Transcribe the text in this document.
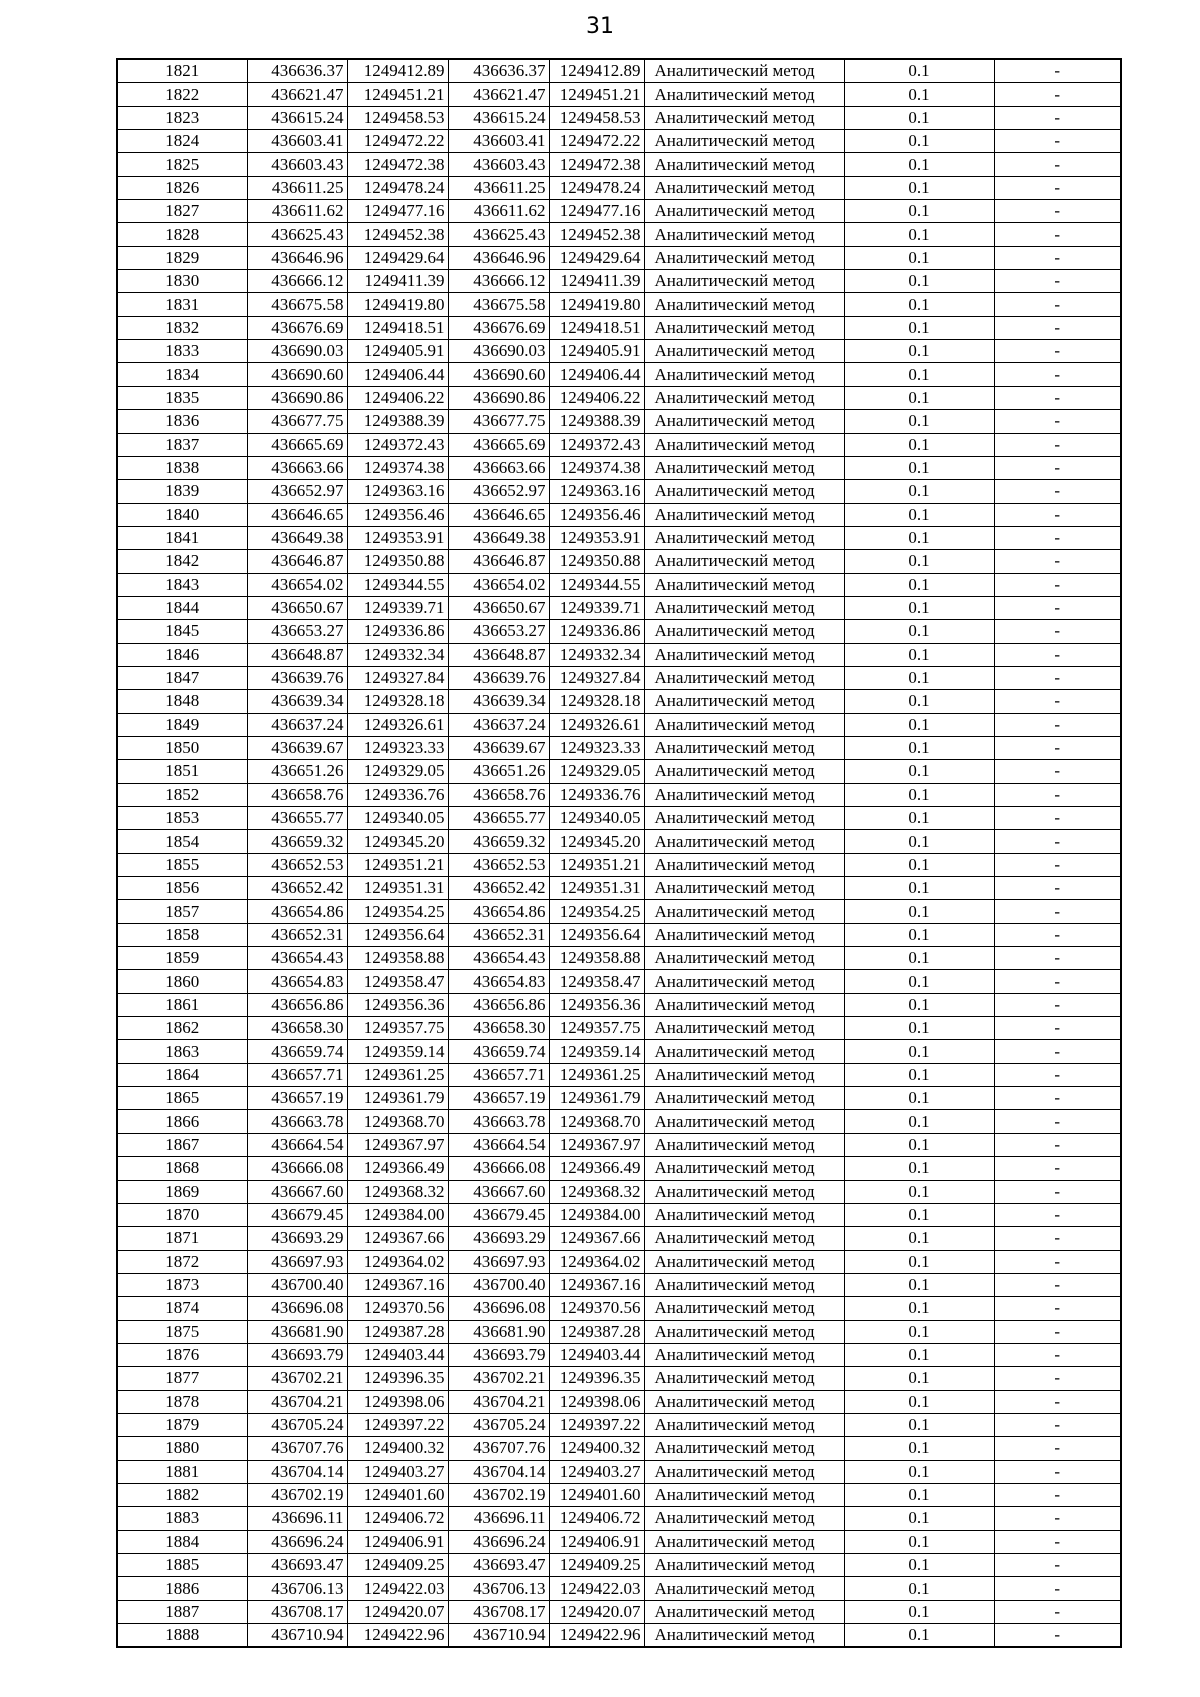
31
1821	436636.37	1249412.89	436636.37	1249412.89	Аналитический метод	0.1	-
1822	436621.47	1249451.21	436621.47	1249451.21	Аналитический метод	0.1	-
1823	436615.24	1249458.53	436615.24	1249458.53	Аналитический метод	0.1	-
1824	436603.41	1249472.22	436603.41	1249472.22	Аналитический метод	0.1	-
1825	436603.43	1249472.38	436603.43	1249472.38	Аналитический метод	0.1	-
1826	436611.25	1249478.24	436611.25	1249478.24	Аналитический метод	0.1	-
1827	436611.62	1249477.16	436611.62	1249477.16	Аналитический метод	0.1	-
1828	436625.43	1249452.38	436625.43	1249452.38	Аналитический метод	0.1	-
1829	436646.96	1249429.64	436646.96	1249429.64	Аналитический метод	0.1	-
1830	436666.12	1249411.39	436666.12	1249411.39	Аналитический метод	0.1	-
1831	436675.58	1249419.80	436675.58	1249419.80	Аналитический метод	0.1	-
1832	436676.69	1249418.51	436676.69	1249418.51	Аналитический метод	0.1	-
1833	436690.03	1249405.91	436690.03	1249405.91	Аналитический метод	0.1	-
1834	436690.60	1249406.44	436690.60	1249406.44	Аналитический метод	0.1	-
1835	436690.86	1249406.22	436690.86	1249406.22	Аналитический метод	0.1	-
1836	436677.75	1249388.39	436677.75	1249388.39	Аналитический метод	0.1	-
1837	436665.69	1249372.43	436665.69	1249372.43	Аналитический метод	0.1	-
1838	436663.66	1249374.38	436663.66	1249374.38	Аналитический метод	0.1	-
1839	436652.97	1249363.16	436652.97	1249363.16	Аналитический метод	0.1	-
1840	436646.65	1249356.46	436646.65	1249356.46	Аналитический метод	0.1	-
1841	436649.38	1249353.91	436649.38	1249353.91	Аналитический метод	0.1	-
1842	436646.87	1249350.88	436646.87	1249350.88	Аналитический метод	0.1	-
1843	436654.02	1249344.55	436654.02	1249344.55	Аналитический метод	0.1	-
1844	436650.67	1249339.71	436650.67	1249339.71	Аналитический метод	0.1	-
1845	436653.27	1249336.86	436653.27	1249336.86	Аналитический метод	0.1	-
1846	436648.87	1249332.34	436648.87	1249332.34	Аналитический метод	0.1	-
1847	436639.76	1249327.84	436639.76	1249327.84	Аналитический метод	0.1	-
1848	436639.34	1249328.18	436639.34	1249328.18	Аналитический метод	0.1	-
1849	436637.24	1249326.61	436637.24	1249326.61	Аналитический метод	0.1	-
1850	436639.67	1249323.33	436639.67	1249323.33	Аналитический метод	0.1	-
1851	436651.26	1249329.05	436651.26	1249329.05	Аналитический метод	0.1	-
1852	436658.76	1249336.76	436658.76	1249336.76	Аналитический метод	0.1	-
1853	436655.77	1249340.05	436655.77	1249340.05	Аналитический метод	0.1	-
1854	436659.32	1249345.20	436659.32	1249345.20	Аналитический метод	0.1	-
1855	436652.53	1249351.21	436652.53	1249351.21	Аналитический метод	0.1	-
1856	436652.42	1249351.31	436652.42	1249351.31	Аналитический метод	0.1	-
1857	436654.86	1249354.25	436654.86	1249354.25	Аналитический метод	0.1	-
1858	436652.31	1249356.64	436652.31	1249356.64	Аналитический метод	0.1	-
1859	436654.43	1249358.88	436654.43	1249358.88	Аналитический метод	0.1	-
1860	436654.83	1249358.47	436654.83	1249358.47	Аналитический метод	0.1	-
1861	436656.86	1249356.36	436656.86	1249356.36	Аналитический метод	0.1	-
1862	436658.30	1249357.75	436658.30	1249357.75	Аналитический метод	0.1	-
1863	436659.74	1249359.14	436659.74	1249359.14	Аналитический метод	0.1	-
1864	436657.71	1249361.25	436657.71	1249361.25	Аналитический метод	0.1	-
1865	436657.19	1249361.79	436657.19	1249361.79	Аналитический метод	0.1	-
1866	436663.78	1249368.70	436663.78	1249368.70	Аналитический метод	0.1	-
1867	436664.54	1249367.97	436664.54	1249367.97	Аналитический метод	0.1	-
1868	436666.08	1249366.49	436666.08	1249366.49	Аналитический метод	0.1	-
1869	436667.60	1249368.32	436667.60	1249368.32	Аналитический метод	0.1	-
1870	436679.45	1249384.00	436679.45	1249384.00	Аналитический метод	0.1	-
1871	436693.29	1249367.66	436693.29	1249367.66	Аналитический метод	0.1	-
1872	436697.93	1249364.02	436697.93	1249364.02	Аналитический метод	0.1	-
1873	436700.40	1249367.16	436700.40	1249367.16	Аналитический метод	0.1	-
1874	436696.08	1249370.56	436696.08	1249370.56	Аналитический метод	0.1	-
1875	436681.90	1249387.28	436681.90	1249387.28	Аналитический метод	0.1	-
1876	436693.79	1249403.44	436693.79	1249403.44	Аналитический метод	0.1	-
1877	436702.21	1249396.35	436702.21	1249396.35	Аналитический метод	0.1	-
1878	436704.21	1249398.06	436704.21	1249398.06	Аналитический метод	0.1	-
1879	436705.24	1249397.22	436705.24	1249397.22	Аналитический метод	0.1	-
1880	436707.76	1249400.32	436707.76	1249400.32	Аналитический метод	0.1	-
1881	436704.14	1249403.27	436704.14	1249403.27	Аналитический метод	0.1	-
1882	436702.19	1249401.60	436702.19	1249401.60	Аналитический метод	0.1	-
1883	436696.11	1249406.72	436696.11	1249406.72	Аналитический метод	0.1	-
1884	436696.24	1249406.91	436696.24	1249406.91	Аналитический метод	0.1	-
1885	436693.47	1249409.25	436693.47	1249409.25	Аналитический метод	0.1	-
1886	436706.13	1249422.03	436706.13	1249422.03	Аналитический метод	0.1	-
1887	436708.17	1249420.07	436708.17	1249420.07	Аналитический метод	0.1	-
1888	436710.94	1249422.96	436710.94	1249422.96	Аналитический метод	0.1	-
